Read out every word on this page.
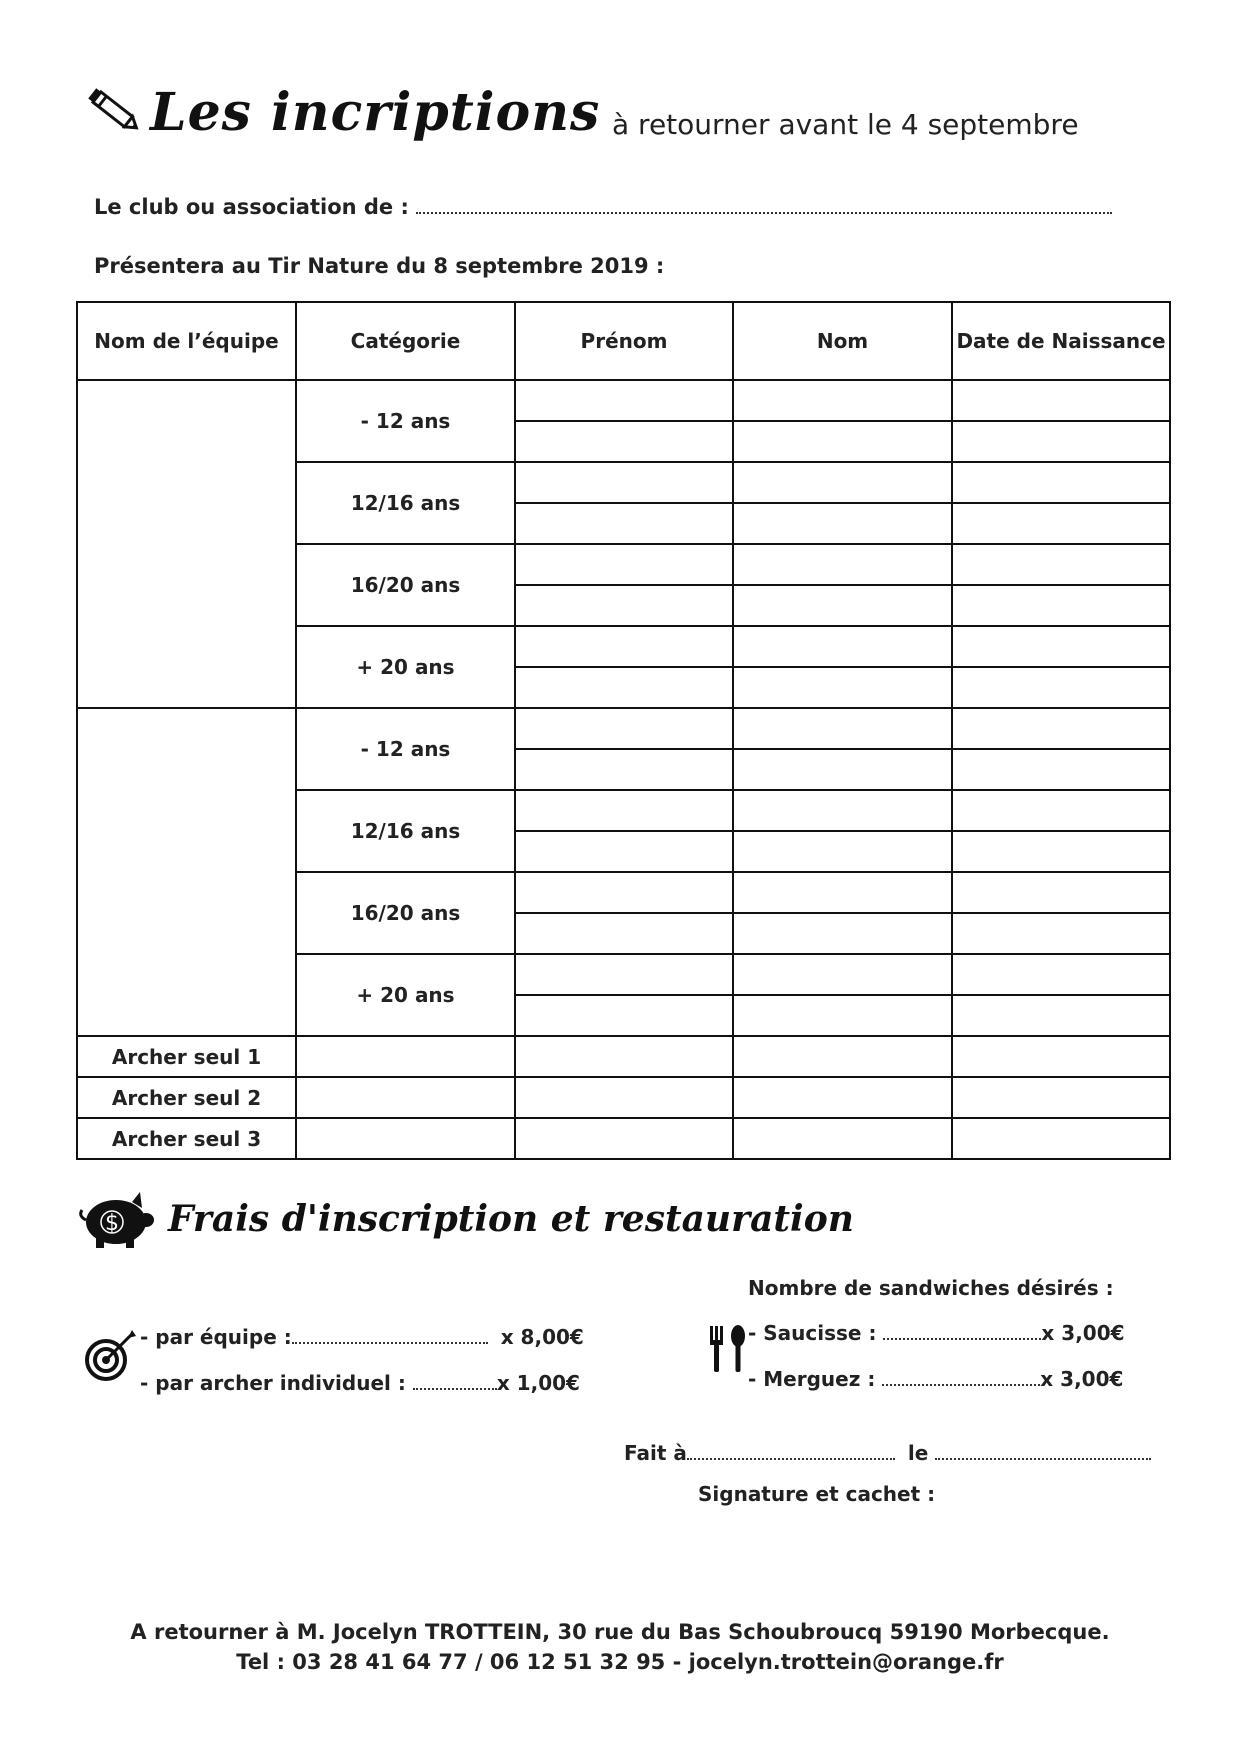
Les incriptions à retourner avant le 4 septembre
Le club ou association de :
Présentera au Tir Nature du 8 septembre 2019 :
Nom de l’équipe	Catégorie	Prénom	Nom	Date de Naissance
	- 12 ans			

	12/16 ans			

	16/20 ans			

	+ 20 ans			

	- 12 ans			

	12/16 ans			

	16/20 ans			

	+ 20 ans			

Archer seul 1				
Archer seul 2				
Archer seul 3				
$ Frais d'inscription et restauration
- par équipe :	x 8,00€
- par archer individuel :	x 1,00€
Nombre de sandwiches désirés :
- Saucisse :	x 3,00€
- Merguez :	x 3,00€
Fait à	le
Signature et cachet :
A retourner à M. Jocelyn TROTTEIN, 30 rue du Bas Schoubroucq 59190 Morbecque.
Tel : 03 28 41 64 77 / 06 12 51 32 95 - jocelyn.trottein@orange.fr
